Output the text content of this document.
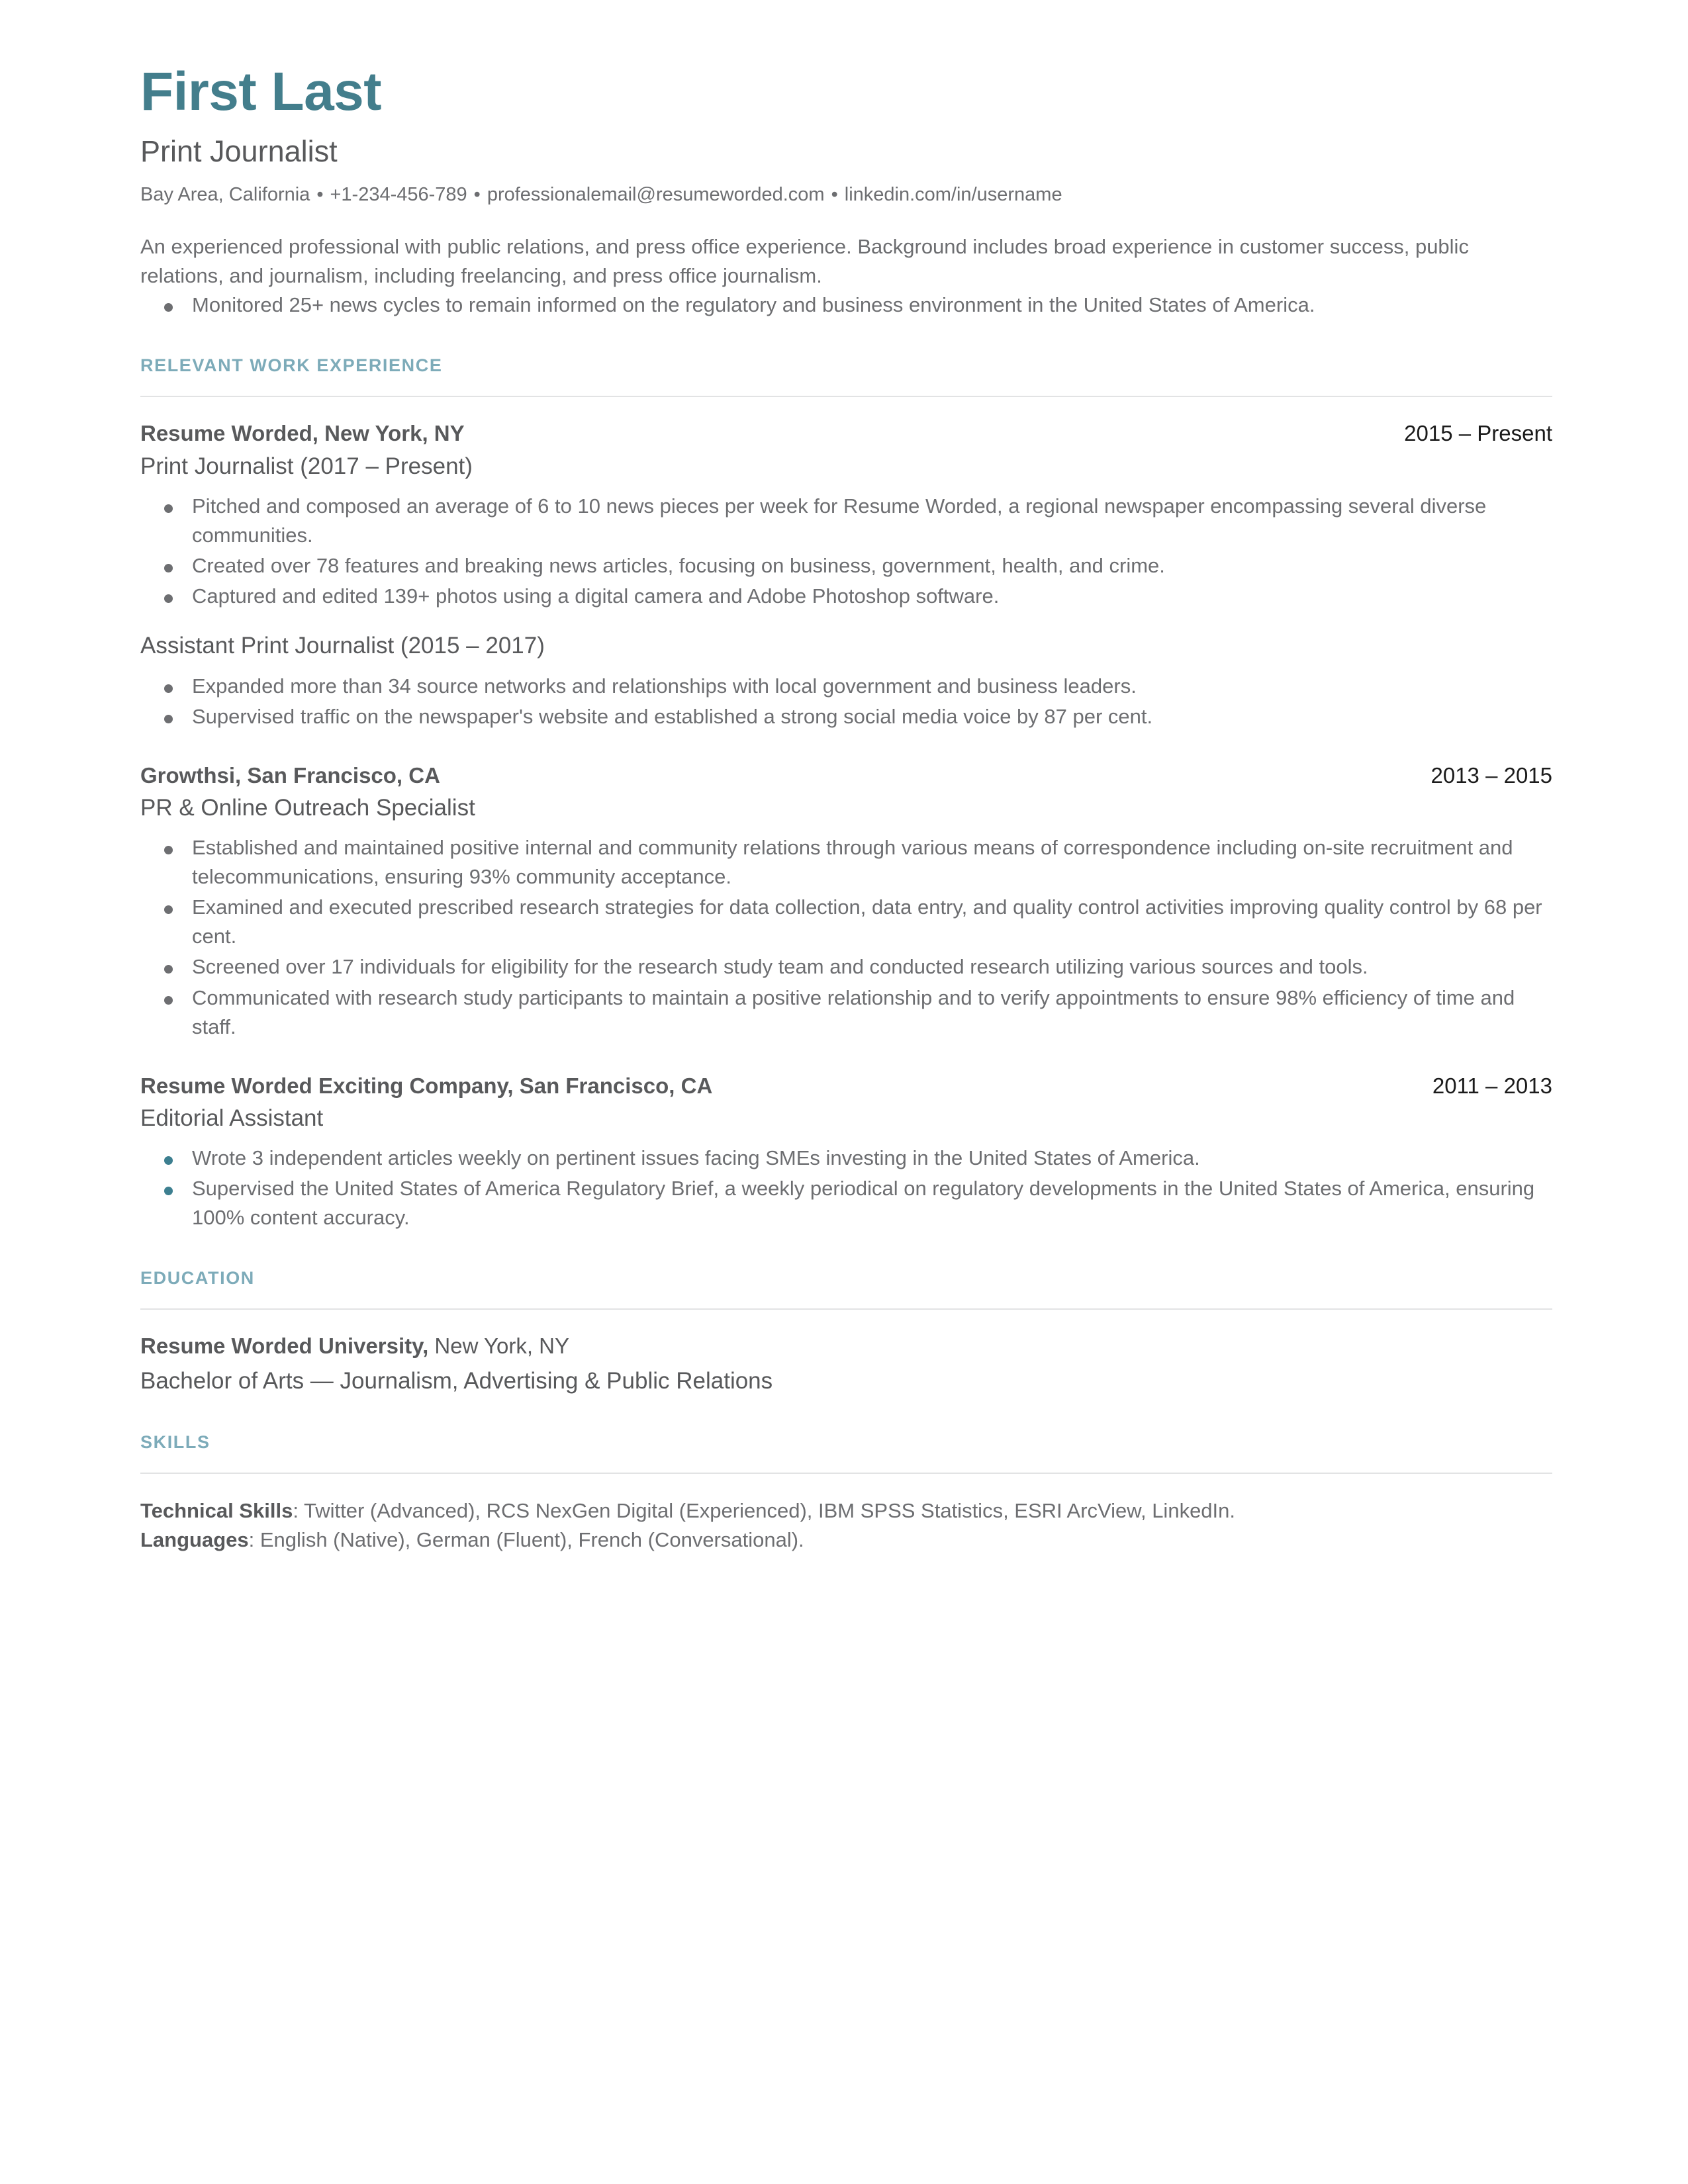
First Last
Print Journalist
Bay Area, California • +1-234-456-789 • professionalemail@resumeworded.com • linkedin.com/in/username

An experienced professional with public relations, and press office experience. Background includes broad experience in customer success, public relations, and journalism, including freelancing, and press office journalism.

Monitored 25+ news cycles to remain informed on the regulatory and business environment in the United States of America.
RELEVANT WORK EXPERIENCE
Resume Worded, New York, NY	2015 – Present
Print Journalist (2017 – Present)
Pitched and composed an average of 6 to 10 news pieces per week for Resume Worded, a regional newspaper encompassing several diverse communities.
Created over 78 features and breaking news articles, focusing on business, government, health, and crime.
Captured and edited 139+ photos using a digital camera and Adobe Photoshop software.
Assistant Print Journalist (2015 – 2017)
Expanded more than 34 source networks and relationships with local government and business leaders.
Supervised traffic on the newspaper's website and established a strong social media voice by 87 per cent.
Growthsi, San Francisco, CA	2013 – 2015
PR & Online Outreach Specialist
Established and maintained positive internal and community relations through various means of correspondence including on-site recruitment and telecommunications, ensuring 93% community acceptance.
Examined and executed prescribed research strategies for data collection, data entry, and quality control activities improving quality control by 68 per cent.
Screened over 17 individuals for eligibility for the research study team and conducted research utilizing various sources and tools.
Communicated with research study participants to maintain a positive relationship and to verify appointments to ensure 98% efficiency of time and staff.
Resume Worded Exciting Company, San Francisco, CA	2011 – 2013
Editorial Assistant
Wrote 3 independent articles weekly on pertinent issues facing SMEs investing in the United States of America.
Supervised the United States of America Regulatory Brief, a weekly periodical on regulatory developments in the United States of America, ensuring 100% content accuracy.
EDUCATION
Resume Worded University, New York, NY
Bachelor of Arts — Journalism, Advertising & Public Relations
SKILLS
Technical Skills: Twitter (Advanced), RCS NexGen Digital (Experienced), IBM SPSS Statistics, ESRI ArcView, LinkedIn.
Languages: English (Native), German (Fluent), French (Conversational).
